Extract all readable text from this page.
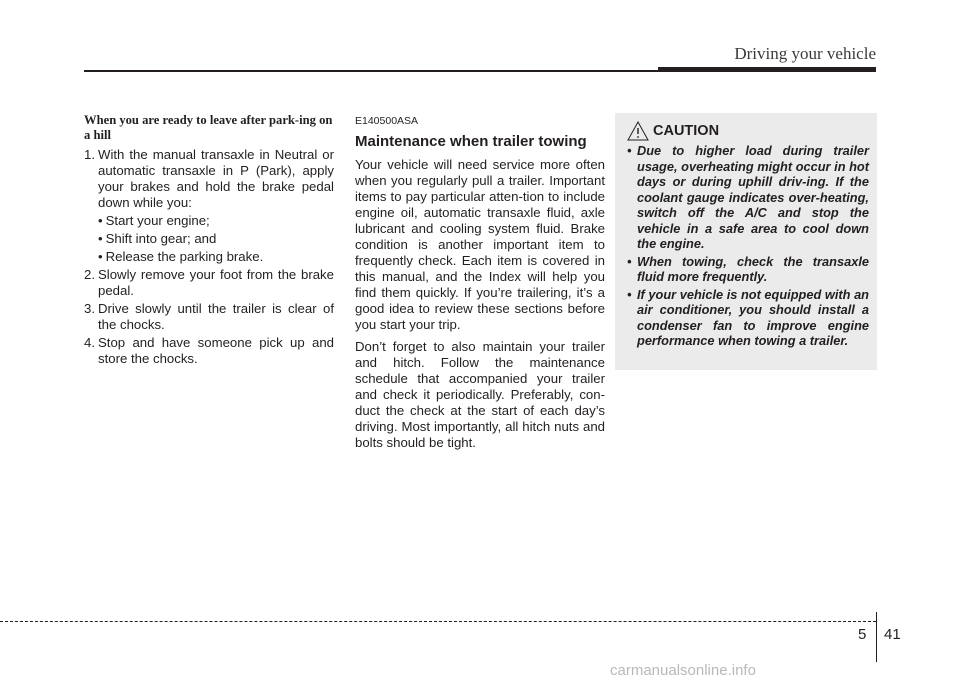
Driving your vehicle
When you are ready to leave after park-ing on a hill
1. With the manual transaxle in Neutral or automatic transaxle in P (Park), apply your brakes and hold the brake pedal down while you:
• Start your engine;
• Shift into gear; and
• Release the parking brake.
2. Slowly remove your foot from the brake pedal.
3. Drive slowly until the trailer is clear of the chocks.
4. Stop and have someone pick up and store the chocks.
E140500ASA
Maintenance when trailer towing

Your vehicle will need service more often when you regularly pull a trailer. Important items to pay particular atten-tion to include engine oil, automatic transaxle fluid, axle lubricant and cooling system fluid. Brake condition is another important item to frequently check. Each item is covered in this manual, and the Index will help you find them quickly. If you’re trailering, it’s a good idea to review these sections before you start your trip.

Don’t forget to also maintain your trailer and hitch. Follow the maintenance schedule that accompanied your trailer and check it periodically. Preferably, con-duct the check at the start of each day’s driving. Most importantly, all hitch nuts and bolts should be tight.

CAUTION
• Due to higher load during trailer usage, overheating might occur in hot days or during uphill driv-ing. If the coolant gauge indicates over-heating, switch off the A/C and stop the vehicle in a safe area to cool down the engine.
• When towing, check the transaxle fluid more frequently.
• If your vehicle is not equipped with an air conditioner, you should install a condenser fan to improve engine performance when towing a trailer.
5 41
carmanualsonline.info
